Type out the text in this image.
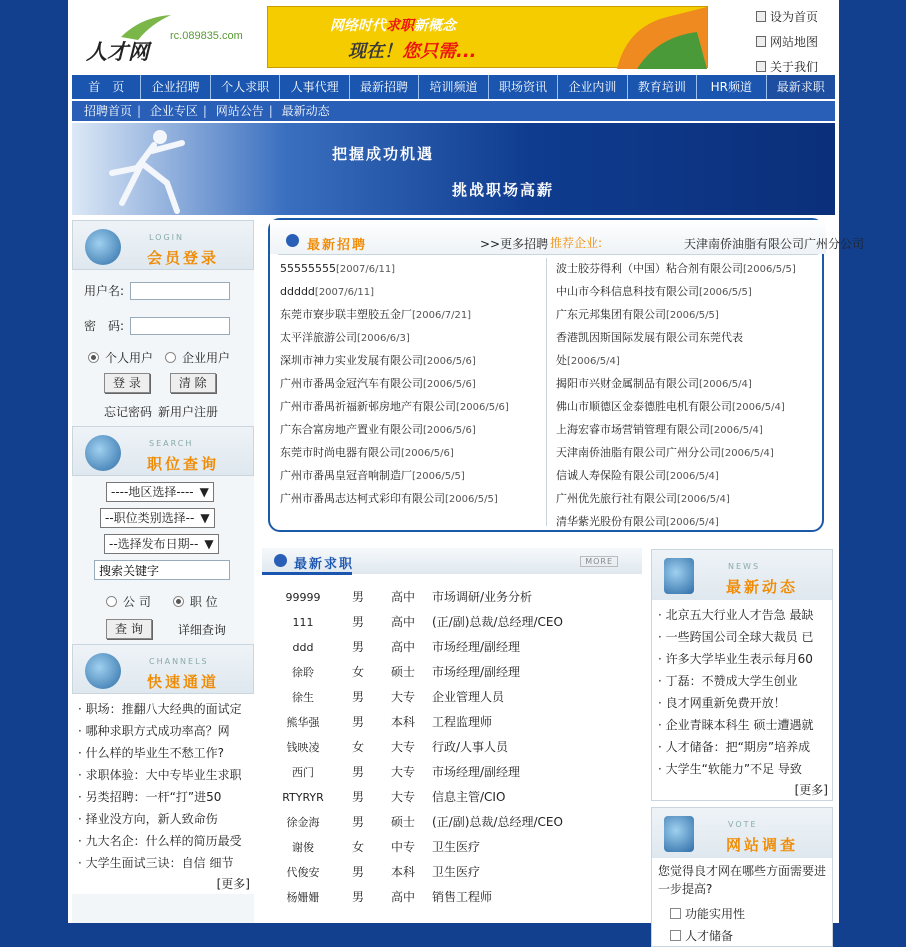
人才网
rc.089835.com
网络时代求职新概念
现在！您只需...
设为首页
网站地图
关于我们
首　页	企业招聘	个人求职	人事代理	最新招聘	培训频道	职场资讯	企业内训	教育培训	HR频道	最新求职
招聘首页 | 企业专区 | 网站公告 | 最新动态
把握成功机遇
挑战职场高薪
LOGIN
会员登录
用户名:
密　码:
个人用户 企业用户
登 录	清 除
忘记密码 新用户注册
SEARCH
职位查询
----地区选择---- ▼
--职位类别选择-- ▼
--选择发布日期-- ▼
搜索关键字
公 司	职 位
查 询	详细查询
CHANNELS
快速通道
· 职场：推翻八大经典的面试定
· 哪种求职方式成功率高？网
· 什么样的毕业生不愁工作?
· 求职体验：大中专毕业生求职
· 另类招聘：一杆“打”进50
· 择业没方向，新人致命伤
· 九大名企：什么样的简历最受
· 大学生面试三诀：自信 细节
[更多]
最新招聘	>>更多招聘 推荐企业:	天津南侨油脂有限公司广州分公司
55555555[2007/6/11]
ddddd[2007/6/11]
东莞市寮步联丰塑胶五金厂[2006/7/21]
太平洋旅游公司[2006/6/3]
深圳市神力实业发展有限公司[2006/5/6]
广州市番禺金冠汽车有限公司[2006/5/6]
广州市番禺祈福新邨房地产有限公司[2006/5/6]
广东合富房地产置业有限公司[2006/5/6]
东莞市时尚电器有限公司[2006/5/6]
广州市番禺皇冠音响制造厂[2006/5/5]
广州市番禺志达柯式彩印有限公司[2006/5/5]
波士胶芬得利（中国）粘合剂有限公司[2006/5/5]
中山市今科信息科技有限公司[2006/5/5]
广东元邦集团有限公司[2006/5/5]
香港凯因斯国际发展有限公司东莞代表
处[2006/5/4]
揭阳市兴财金属制品有限公司[2006/5/4]
佛山市顺德区金泰德胜电机有限公司[2006/5/4]
上海宏睿市场营销管理有限公司[2006/5/4]
天津南侨油脂有限公司广州分公司[2006/5/4]
信诚人寿保险有限公司[2006/5/4]
广州优先旅行社有限公司[2006/5/4]
清华紫光股份有限公司[2006/5/4]
最新求职	MORE
99999	男	高中	市场调研/业务分析
111	男	高中	(正/副)总裁/总经理/CEO
ddd	男	高中	市场经理/副经理
徐聆	女	硕士	市场经理/副经理
徐生	男	大专	企业管理人员
熊华强	男	本科	工程监理师
钱映凌	女	大专	行政/人事人员
西门	男	大专	市场经理/副经理
RTYRYR	男	大专	信息主管/CIO
徐金海	男	硕士	(正/副)总裁/总经理/CEO
谢俊	女	中专	卫生医疗
代俊安	男	本科	卫生医疗
杨姗姗	男	高中	销售工程师
NEWS
最新动态
· 北京五大行业人才告急 最缺
· 一些跨国公司全球大裁员 已
· 许多大学毕业生表示每月60
· 丁磊：不赞成大学生创业
· 良才网重新免费开放！
· 企业青睐本科生 硕士遭遇就
· 人才储备：把“期房”培养成
· 大学生“软能力”不足 导致
[更多]
VOTE
网站调查
您觉得良才网在哪些方面需要进一步提高?
功能实用性
人才储备
